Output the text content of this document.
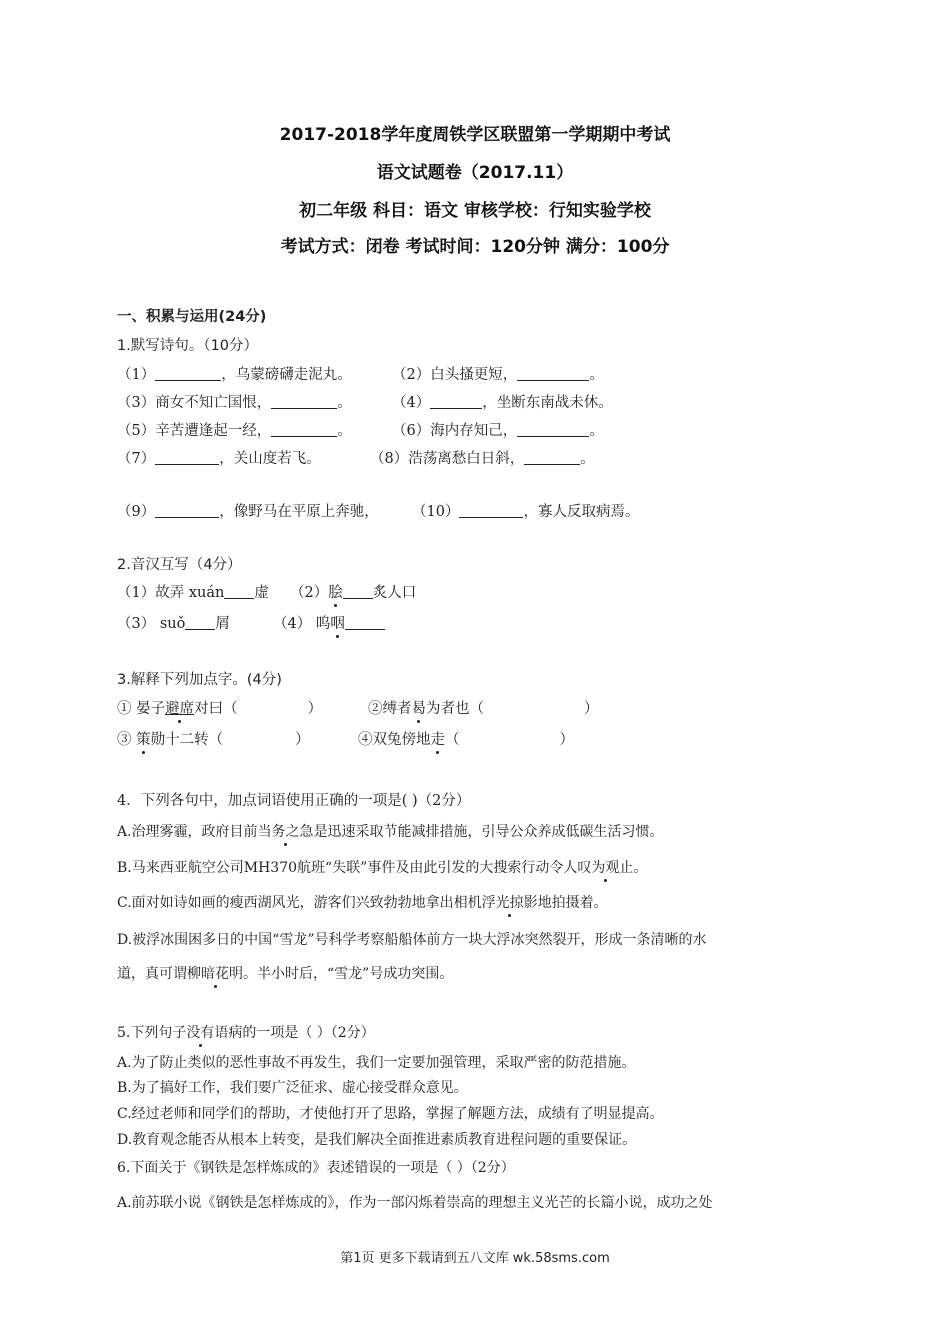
2017-2018学年度周铁学区联盟第一学期期中考试
语文试题卷（2017.11）
初二年级 科目：语文 审核学校：行知实验学校
考试方式：闭卷 考试时间：120分钟 满分：100分
一、积累与运用(24分)
1.默写诗句。（10分）
（1）	，乌蒙磅礴走泥丸。	（2）白头搔更短，	。
（3）商女不知亡国恨，	。	（4）	，坐断东南战未休。
（5）辛苦遭逢起一经，	。	（6）海内存知己，	。
（7）	，关山度若飞。	（8）浩荡离愁白日斜，	。
（9）	，像野马在平原上奔驰， （10）	，寡人反取病焉。
2.音汉互写（4分）
（1）故弄 xuán 虚 （2）脍 炙人口
（3） suǒ 屑	（4） 呜咽
3.解释下列加点字。(4分)
① 晏子避席对曰（	）	②缚者曷为者也（	）
③ 策勋十二转（	）	④双兔傍地走（	）
4．下列各句中，加点词语使用正确的一项是( )（2分）
A.治理雾霾，政府目前当务之急是迅速采取节能减排措施，引导公众养成低碳生活习惯。
B.马来西亚航空公司MH370航班“失联”事件及由此引发的大搜索行动令人叹为观止。
C.面对如诗如画的瘦西湖风光，游客们兴致勃勃地拿出相机浮光掠影地拍摄着。
D.被浮冰围困多日的中国“雪龙”号科学考察船船体前方一块大浮冰突然裂开，形成一条清晰的水
道，真可谓柳暗花明。半小时后，“雪龙”号成功突围。
5.下列句子没有语病的一项是（ ）（2分）
A.为了防止类似的恶性事故不再发生，我们一定要加强管理，采取严密的防范措施。
B.为了搞好工作，我们要广泛征求、虚心接受群众意见。
C.经过老师和同学们的帮助，才使他打开了思路，掌握了解题方法，成绩有了明显提高。
D.教育观念能否从根本上转变，是我们解决全面推进素质教育进程问题的重要保证。
6.下面关于《钢铁是怎样炼成的》表述错误的一项是（ ）（2分）
A.前苏联小说《钢铁是怎样炼成的》，作为一部闪烁着崇高的理想主义光芒的长篇小说，成功之处
第1页 更多下载请到五八文库 wk.58sms.com
